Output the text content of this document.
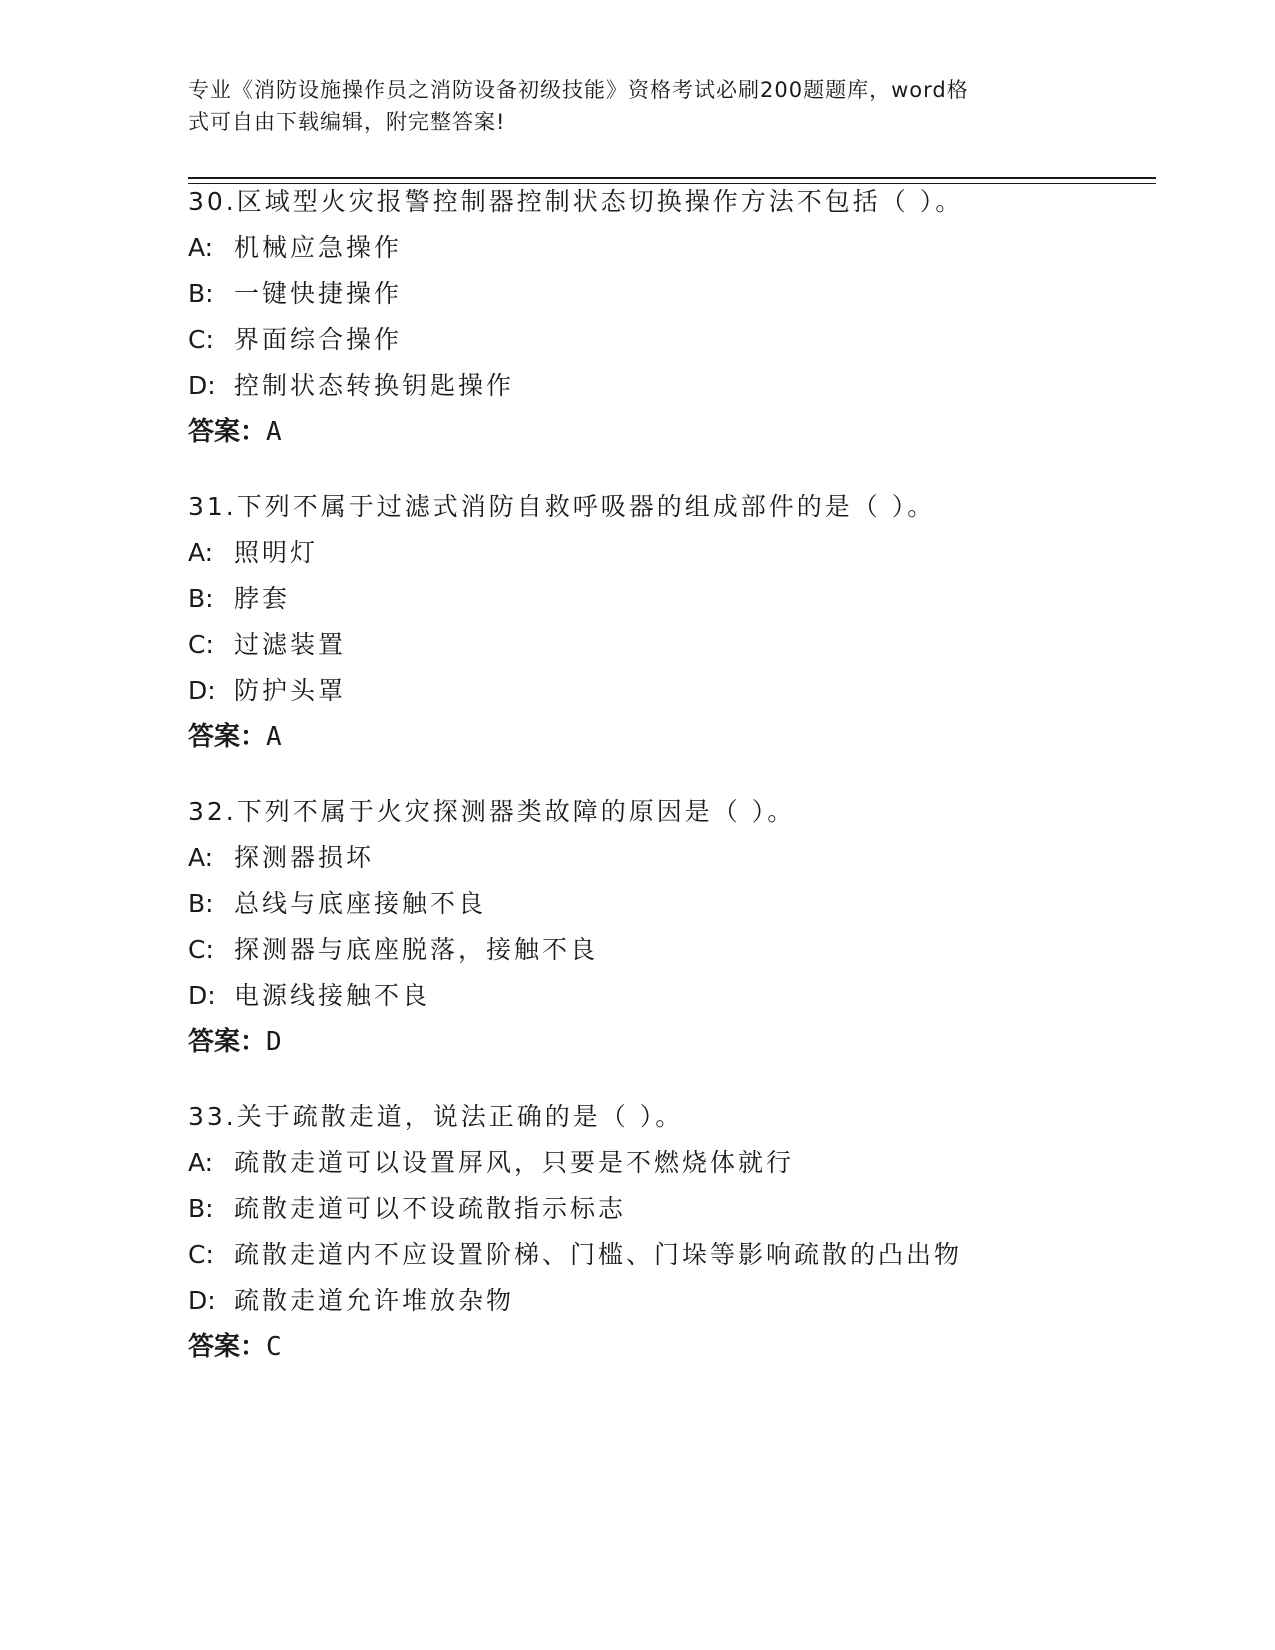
专业《消防设施操作员之消防设备初级技能》资格考试必刷200题题库，word格
式可自由下载编辑，附完整答案!
30.区域型火灾报警控制器控制状态切换操作方法不包括（ ）。
A: 机械应急操作
B: 一键快捷操作
C: 界面综合操作
D: 控制状态转换钥匙操作
答案：A
31.下列不属于过滤式消防自救呼吸器的组成部件的是（ ）。
A: 照明灯
B: 脖套
C: 过滤装置
D: 防护头罩
答案：A
32.下列不属于火灾探测器类故障的原因是（ ）。
A: 探测器损坏
B: 总线与底座接触不良
C: 探测器与底座脱落，接触不良
D: 电源线接触不良
答案：D
33.关于疏散走道，说法正确的是（ ）。
A: 疏散走道可以设置屏风，只要是不燃烧体就行
B: 疏散走道可以不设疏散指示标志
C: 疏散走道内不应设置阶梯、门槛、门垛等影响疏散的凸出物
D: 疏散走道允许堆放杂物
答案：C
